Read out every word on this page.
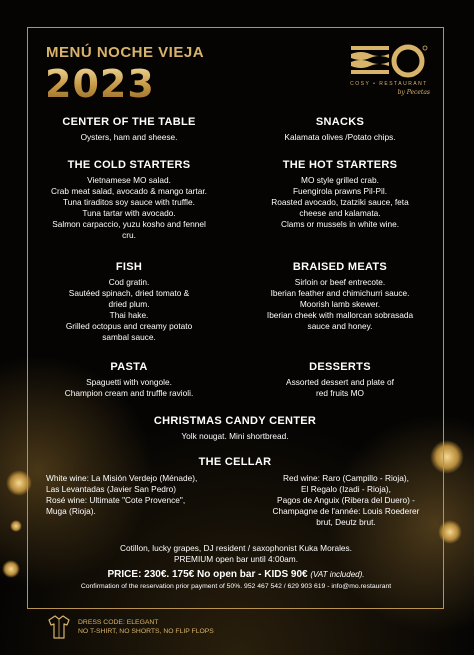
MENÚ NOCHE VIEJA
2023	COSY • RESTAURANT
by Pecetas
CENTER OF THE TABLE
Oysters, ham and sheese.
SNACKS
Kalamata olives /Potato chips.
THE COLD STARTERS
Vietnamese MO salad.
Crab meat salad, avocado & mango tartar.
Tuna tiraditos soy sauce with truffle.
Tuna tartar with avocado.
Salmon carpaccio, yuzu kosho and fennel
cru.
THE HOT STARTERS
MO style grilled crab.
Fuengirola prawns Pil-Pil.
Roasted avocado, tzatziki sauce, feta
cheese and kalamata.
Clams or mussels in white wine.
FISH
Cod gratin.
Sautéed spinach, dried tomato &
dried plum.
Thai hake.
Grilled octopus and creamy potato
sambal sauce.
BRAISED MEATS
Sirloin or beef entrecote.
Iberian feather and chimichurri sauce.
Moorish lamb skewer.
Iberian cheek with mallorcan sobrasada
sauce and honey.
PASTA
Spaguetti with vongole.
Champion cream and truffle ravioli.
DESSERTS
Assorted dessert and plate of
red fruits MO
CHRISTMAS CANDY CENTER
Yolk nougat. Mini shortbread.
THE CELLAR
White wine: La Misión Verdejo (Ménade),
Las Levantadas (Javier San Pedro)
Rosé wine: Ultimate "Cote Provence",
Muga (Rioja).
Red wine: Raro (Campillo - Rioja),
El Regalo (Izadi - Rioja),
Pagos de Anguix (Ribera del Duero) -
Champagne de l'année: Louis Roederer
brut, Deutz brut.
Cotillon, lucky grapes, DJ resident / saxophonist Kuka Morales.
PREMIUM open bar until 4:00am.
PRICE: 230€. 175€ No open bar - KIDS 90€ (VAT included).
Confirmation of the reservation prior payment of 50%. 952 467 542 / 629 903 619 - info@mo.restaurant
DRESS CODE: ELEGANT
NO T-SHIRT, NO SHORTS, NO FLIP FLOPS
